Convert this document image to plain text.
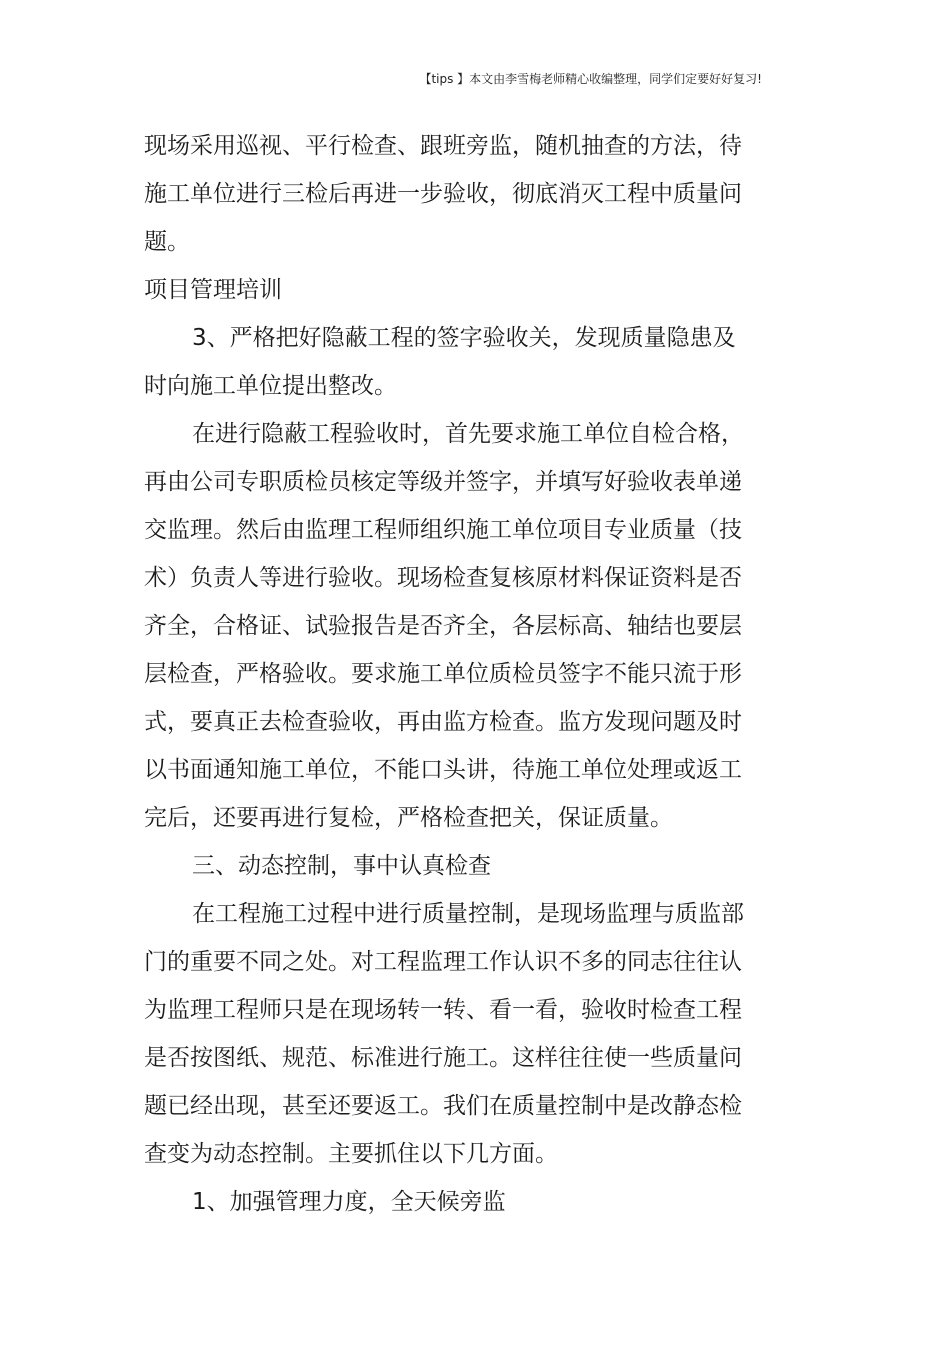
【tips 】本文由李雪梅老师精心收编整理，同学们定要好好复习!

现场采用巡视、平行检查、跟班旁监，随机抽查的方法，待

施工单位进行三检后再进一步验收，彻底消灭工程中质量问

题。

项目管理培训

3、严格把好隐蔽工程的签字验收关，发现质量隐患及

时向施工单位提出整改。

在进行隐蔽工程验收时，首先要求施工单位自检合格，

再由公司专职质检员核定等级并签字，并填写好验收表单递

交监理。然后由监理工程师组织施工单位项目专业质量（技

术）负责人等进行验收。现场检查复核原材料保证资料是否

齐全，合格证、试验报告是否齐全，各层标高、轴结也要层

层检查，严格验收。要求施工单位质检员签字不能只流于形

式，要真正去检查验收，再由监方检查。监方发现问题及时

以书面通知施工单位，不能口头讲，待施工单位处理或返工

完后，还要再进行复检，严格检查把关，保证质量。

三、动态控制，事中认真检查

在工程施工过程中进行质量控制，是现场监理与质监部

门的重要不同之处。对工程监理工作认识不多的同志往往认

为监理工程师只是在现场转一转、看一看，验收时检查工程

是否按图纸、规范、标准进行施工。这样往往使一些质量问

题已经出现，甚至还要返工。我们在质量控制中是改静态检

查变为动态控制。主要抓住以下几方面。

1、加强管理力度，全天候旁监
